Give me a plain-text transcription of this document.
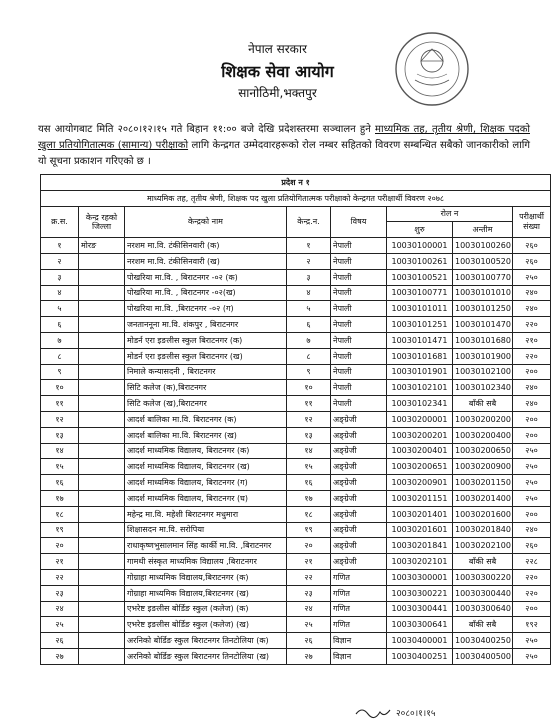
नेपाल सरकार
शिक्षक सेवा आयोग
सानोठिमी,भक्तपुर
यस आयोगबाट मिति २०८०।१२।१५ गते बिहान ११:०० बजे देखि प्रदेशस्तरमा सञ्चालन हुने माध्यमिक तह, तृतीय श्रेणी, शिक्षक पदको खुला प्रतियोगितात्मक (सामान्य) परीक्षाको लागि केन्द्रगत उम्मेदवारहरूको रोल नम्बर सहितको विवरण सम्बन्धित सबैको जानकारीको लागि यो सूचना प्रकाशन गरिएको छ ।
प्रदेश न १							
माध्यमिक तह, तृतीय श्रेणी, शिक्षक पद खुला प्रतियोगितात्मक परीक्षाको केन्द्रगत परीक्षार्थी विवरण २०७८							
क्र.स.	केन्द्र रहको जिल्ला	केन्द्रको नाम	केन्द्र.न.	विषय	रोल न		परीक्षार्थी संख्या
					शुरु	अन्तीम	
१	मोरङ	नरशम मा.वि. टंकीसिनवारी (क)	१	नेपाली	10030100001	10030100260	२६०
२		नरशम मा.वि. टंकीसिनवारी (ख)	२	नेपाली	10030100261	10030100520	२६०
३		पोखरिया मा.वि. , बिराटनगर -०२ (क)	३	नेपाली	10030100521	10030100770	२५०
४		पोखरिया मा.वि. , बिराटनगर -०२(ख)	४	नेपाली	10030100771	10030101010	२४०
५		पोखरिया मा.वि. ,बिराटनगर -०२ (ग)	५	नेपाली	10030101011	10030101250	२४०
६		जनताननूना मा.वि. शंकपुर , बिराटनगर	६	नेपाली	10030101251	10030101470	२२०
७		मोडर्न एरा इङलीस स्कुल बिराटनगर (क)	७	नेपाली	10030101471	10030101680	२१०
८		मोडर्न एरा इङलीस स्कुल बिराटनगर (ख)	८	नेपाली	10030101681	10030101900	२२०
९		निमाले कन्यासदनी , बिराटनगर	९	नेपाली	10030101901	10030102100	२००
१०		सिटि कलेज (क),बिराटनगर	१०	नेपाली	10030102101	10030102340	२४०
११		सिटि कलेज (ख),बिराटनगर	११	नेपाली	10030102341	बाँकी सबै	२४०
१२		आदर्श बालिका मा.वि. बिराटनगर (क)	१२	अङ्ग्रेजी	10030200001	10030200200	२००
१३		आदर्श बालिका मा.वि. बिराटनगर (ख)	१३	अङ्ग्रेजी	10030200201	10030200400	२००
१४		आदर्श माध्यमिक विद्यालय, बिराटनगर (क)	१४	अङ्ग्रेजी	10030200401	10030200650	२५०
१५		आदर्श माध्यमिक विद्यालय, बिराटनगर (ख)	१५	अङ्ग्रेजी	10030200651	10030200900	२५०
१६		आदर्श माध्यमिक विद्यालय, बिराटनगर (ग)	१६	अङ्ग्रेजी	10030200901	10030201150	२५०
१७		आदर्श माध्यमिक विद्यालय, बिराटनगर (घ)	१७	अङ्ग्रेजी	10030201151	10030201400	२५०
१८		महेन्द्र मा.वि. महेशी बिराटनगर मधुमारा	१८	अङ्ग्रेजी	10030201401	10030201600	२००
१९		शिक्षासदन मा.वि. सरोपिया	१९	अङ्ग्रेजी	10030201601	10030201840	२४०
२०		राधाकृष्णभुसालमान सिंह कार्की मा.वि. ,बिराटनगर	२०	अङ्ग्रेजी	10030201841	10030202100	२६०
२१		गामथी संस्कृत माध्यमिक विद्यालय ,बिराटनगर	२१	अङ्ग्रेजी	10030202101	बाँकी सबै	२२८
२२		गोग्राहा माध्यमिक विद्यालय,बिराटनगर (क)	२२	गणित	10030300001	10030300220	२२०
२३		गोग्राहा माध्यमिक विद्यालय,बिराटनगर (ख)	२३	गणित	10030300221	10030300440	२२०
२४		एभरेष्ट इङलीस बोर्डिङ स्कुल (कलेज) (क)	२४	गणित	10030300441	10030300640	२००
२५		एभरेष्ट इङलीस बोर्डिङ स्कुल (कलेज) (ख)	२५	गणित	10030300641	बाँकी सबै	१९२
२६		अरनिको बोर्डिङ स्कुल बिराटनगर तिनटोलिया (क)	२६	विज्ञान	10030400001	10030400250	२५०
२७		अरनिको बोर्डिङ स्कुल बिराटनगर तिनटोलिया (ख)	२७	विज्ञान	10030400251	10030400500	२५०
२०८०।१।१५
